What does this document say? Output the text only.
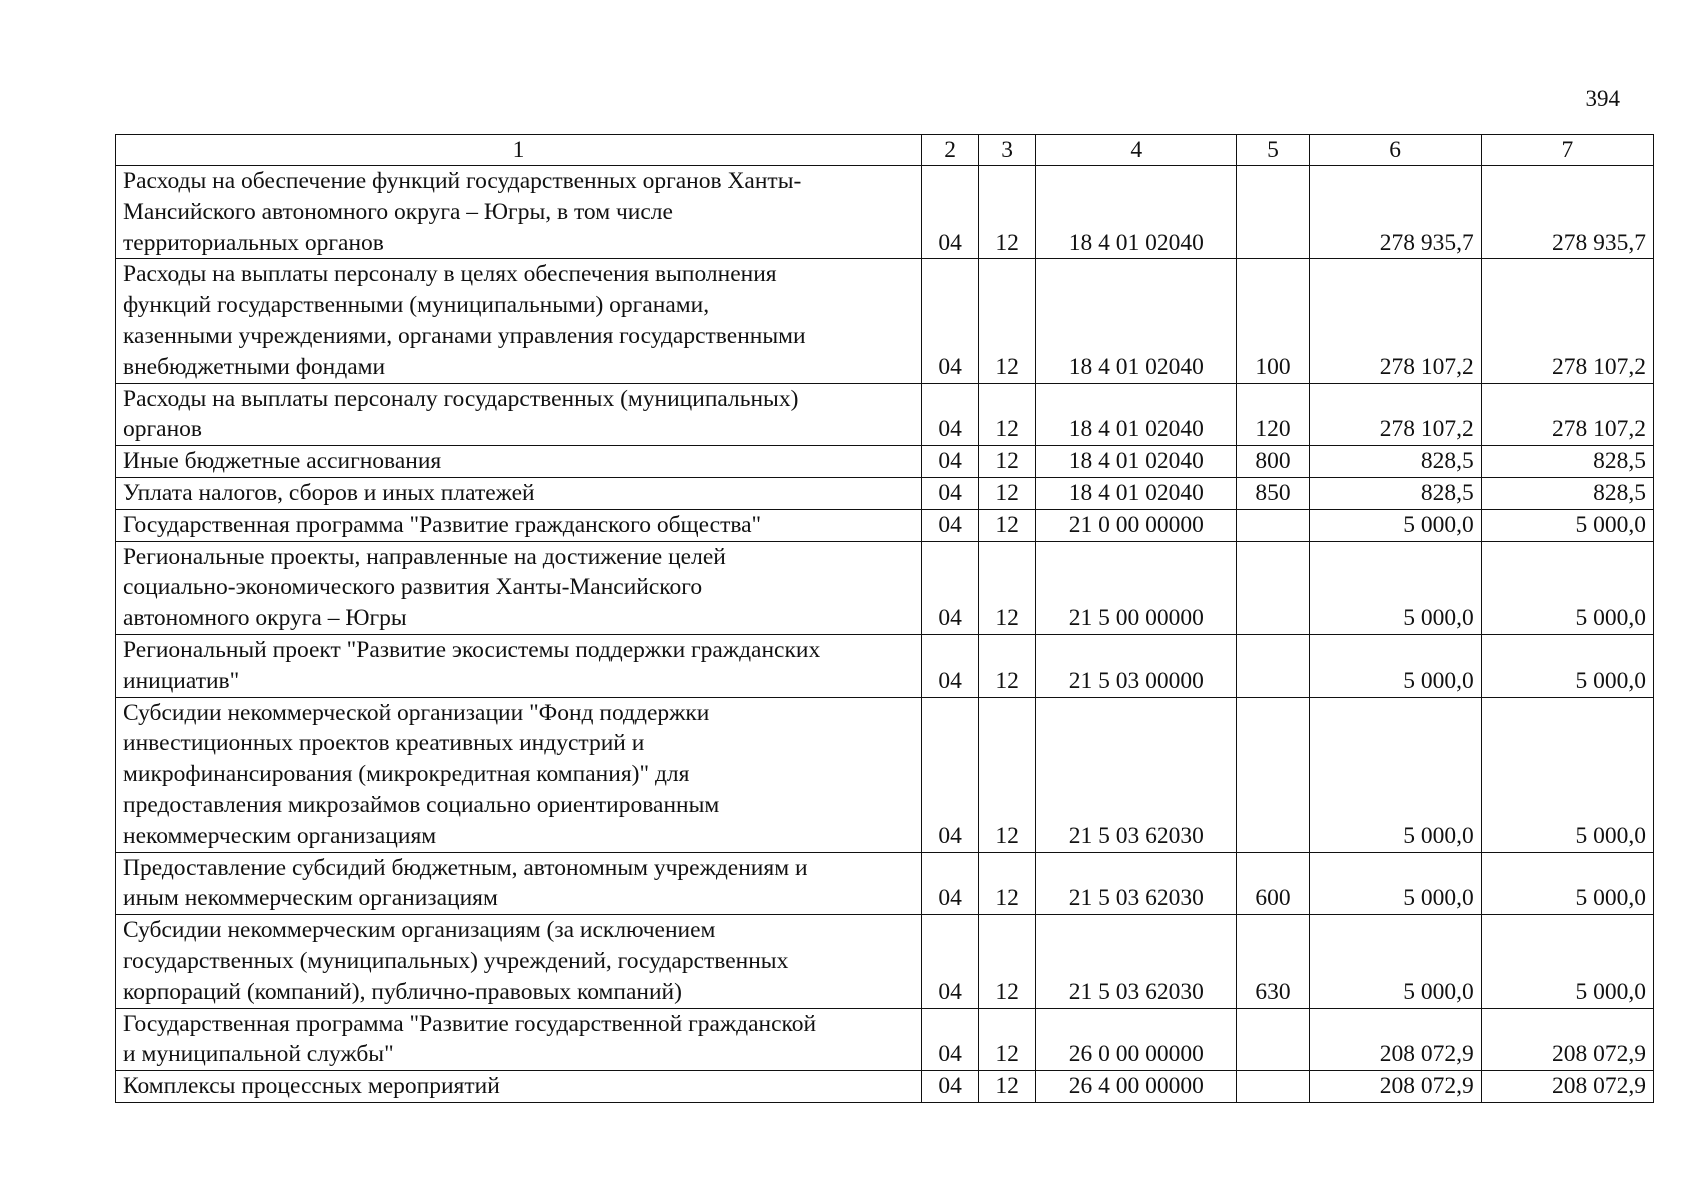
394
1	2	3	4	5	6	7
Расходы на обеспечение функций государственных органов Ханты-
Мансийского автономного округа – Югры, в том числе
территориальных органов	04	12	18 4 01 02040		278 935,7	278 935,7
Расходы на выплаты персоналу в целях обеспечения выполнения
функций государственными (муниципальными) органами,
казенными учреждениями, органами управления государственными
внебюджетными фондами	04	12	18 4 01 02040	100	278 107,2	278 107,2
Расходы на выплаты персоналу государственных (муниципальных)
органов	04	12	18 4 01 02040	120	278 107,2	278 107,2
Иные бюджетные ассигнования	04	12	18 4 01 02040	800	828,5	828,5
Уплата налогов, сборов и иных платежей	04	12	18 4 01 02040	850	828,5	828,5
Государственная программа "Развитие гражданского общества"	04	12	21 0 00 00000		5 000,0	5 000,0
Региональные проекты, направленные на достижение целей
социально-экономического развития Ханты-Мансийского
автономного округа – Югры	04	12	21 5 00 00000		5 000,0	5 000,0
Региональный проект "Развитие экосистемы поддержки гражданских
инициатив"	04	12	21 5 03 00000		5 000,0	5 000,0
Субсидии некоммерческой организации "Фонд поддержки
инвестиционных проектов креативных индустрий и
микрофинансирования (микрокредитная компания)" для
предоставления микрозаймов социально ориентированным
некоммерческим организациям	04	12	21 5 03 62030		5 000,0	5 000,0
Предоставление субсидий бюджетным, автономным учреждениям и
иным некоммерческим организациям	04	12	21 5 03 62030	600	5 000,0	5 000,0
Субсидии некоммерческим организациям (за исключением
государственных (муниципальных) учреждений, государственных
корпораций (компаний), публично-правовых компаний)	04	12	21 5 03 62030	630	5 000,0	5 000,0
Государственная программа "Развитие государственной гражданской
и муниципальной службы"	04	12	26 0 00 00000		208 072,9	208 072,9
Комплексы процессных мероприятий	04	12	26 4 00 00000		208 072,9	208 072,9
